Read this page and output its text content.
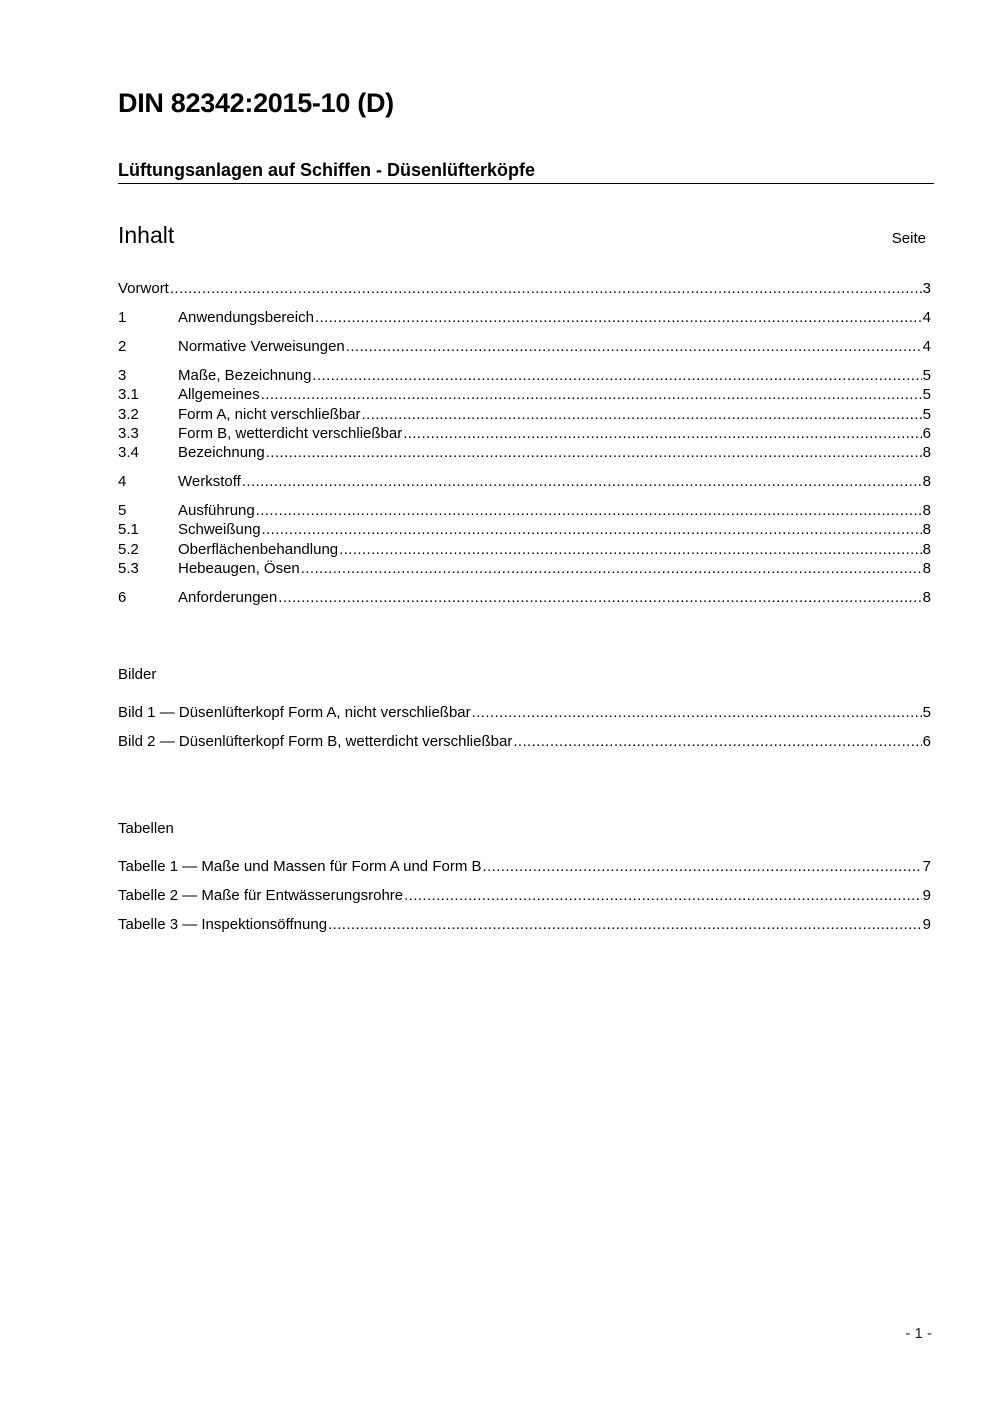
DIN 82342:2015-10 (D)
Lüftungsanlagen auf Schiffen - Düsenlüfterköpfe
Inhalt	Seite
Vorwort .....	3
1	Anwendungsbereich .....	4
2	Normative Verweisungen .....	4
3	Maße, Bezeichnung .....	5
3.1	Allgemeines .....	5
3.2	Form A, nicht verschließbar .....	5
3.3	Form B, wetterdicht verschließbar .....	6
3.4	Bezeichnung .....	8
4	Werkstoff .....	8
5	Ausführung .....	8
5.1	Schweißung .....	8
5.2	Oberflächenbehandlung .....	8
5.3	Hebeaugen, Ösen .....	8
6	Anforderungen .....	8
Bilder
Bild 1 — Düsenlüfterkopf Form A, nicht verschließbar .....	5
Bild 2 — Düsenlüfterkopf Form B, wetterdicht verschließbar .....	6
Tabellen
Tabelle 1 — Maße und Massen für Form A und Form B .....	7
Tabelle 2 — Maße für Entwässerungsrohre .....	9
Tabelle 3 — Inspektionsöffnung .....	9
- 1 -
